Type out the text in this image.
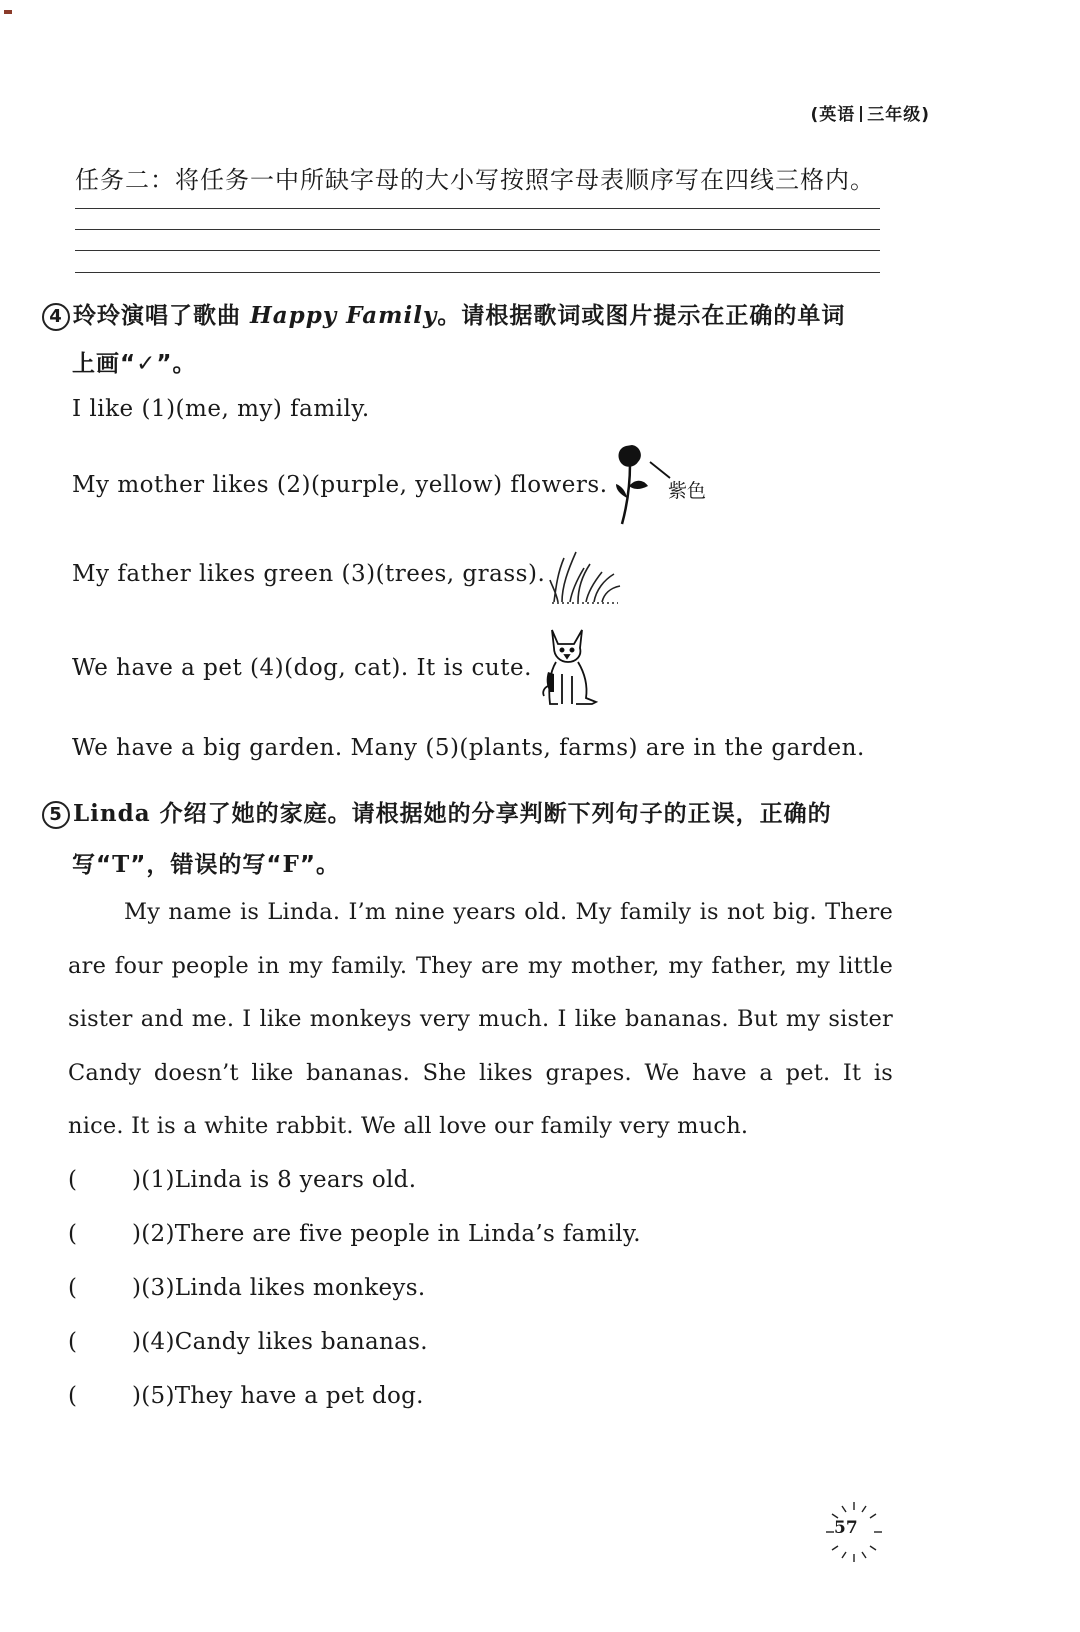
(英语 三年级)
任务二：将任务一中所缺字母的大小写按照字母表顺序写在四线三格内。
4 玲玲演唱了歌曲 Happy Family。请根据歌词或图片提示在正确的单词
上画“✓”。
I like (1)(me, my) family.
My mother likes (2)(purple, yellow) flowers.	紫色
My father likes green (3)(trees, grass).
We have a pet (4)(dog, cat). It is cute.
We have a big garden. Many (5)(plants, farms) are in the garden.
5 Linda 介绍了她的家庭。请根据她的分享判断下列句子的正误，正确的
写“T”，错误的写“F”。
My name is Linda. I’m nine years old. My family is not big. There are four people in my family. They are my mother, my father, my little sister and me. I like monkeys very much. I like bananas. But my sister Candy doesn’t like bananas. She likes grapes. We have a pet. It is nice. It is a white rabbit. We all love our family very much.
( )(1)Linda is 8 years old.
( )(2)There are five people in Linda’s family.
( )(3)Linda likes monkeys.
( )(4)Candy likes bananas.
( )(5)They have a pet dog.
57
